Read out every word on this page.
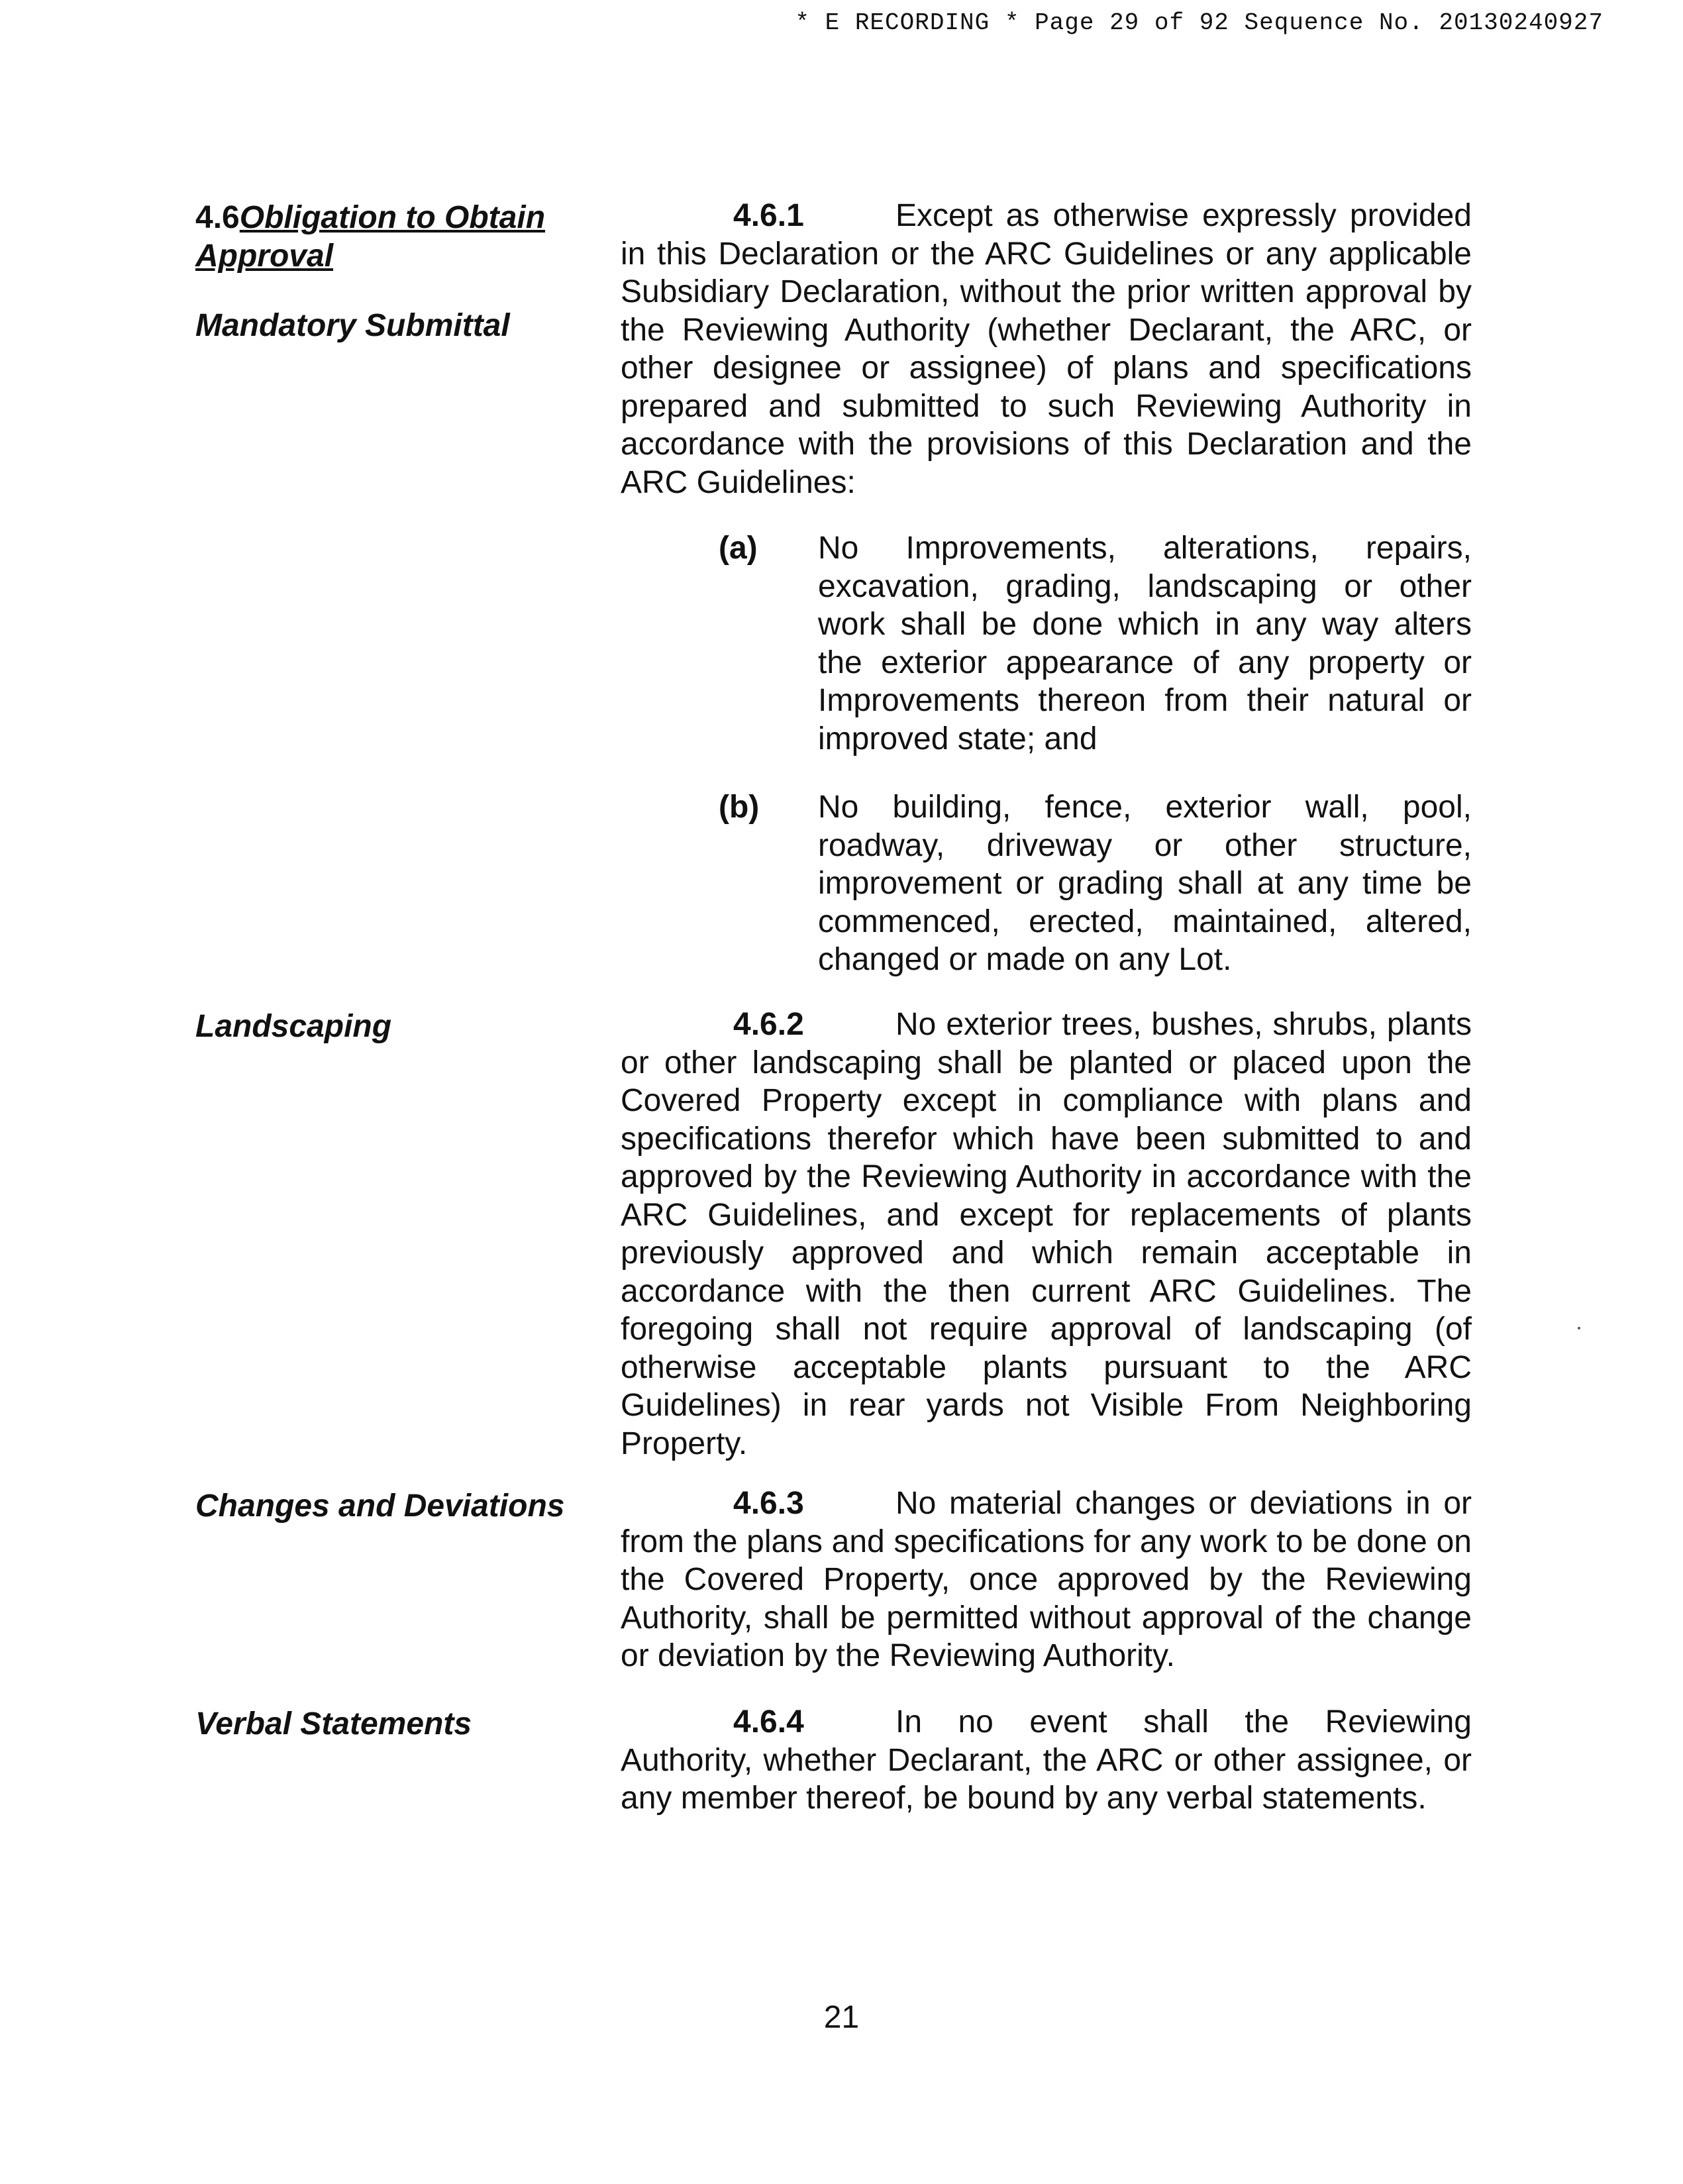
* E RECORDING * Page 29 of 92 Sequence No. 20130240927
4.6Obligation to Obtain
Approval
Mandatory Submittal
Landscaping
Changes and Deviations
Verbal Statements
4.6.1	Except as otherwise expressly provided in this Declaration or the ARC Guidelines or any applicable Subsidiary Declaration, without the prior written approval by the Reviewing Authority (whether Declarant, the ARC, or other designee or assignee) of plans and specifications prepared and submitted to such Reviewing Authority in accordance with the provisions of this Declaration and the ARC Guidelines:
(a) No Improvements, alterations, repairs, excavation, grading, landscaping or other work shall be done which in any way alters the exterior appearance of any property or Improvements thereon from their natural or improved state; and
(b) No building, fence, exterior wall, pool, roadway, driveway or other structure, improvement or grading shall at any time be commenced, erected, maintained, altered, changed or made on any Lot.
4.6.2	No exterior trees, bushes, shrubs, plants or other landscaping shall be planted or placed upon the Covered Property except in compliance with plans and specifications therefor which have been submitted to and approved by the Reviewing Authority in accordance with the ARC Guidelines, and except for replacements of plants previously approved and which remain acceptable in accordance with the then current ARC Guidelines. The foregoing shall not require approval of landscaping (of otherwise acceptable plants pursuant to the ARC Guidelines) in rear yards not Visible From Neighboring Property.
4.6.3	No material changes or deviations in or from the plans and specifications for any work to be done on the Covered Property, once approved by the Reviewing Authority, shall be permitted without approval of the change or deviation by the Reviewing Authority.
4.6.4	In no event shall the Reviewing Authority, whether Declarant, the ARC or other assignee, or any member thereof, be bound by any verbal statements.
21
